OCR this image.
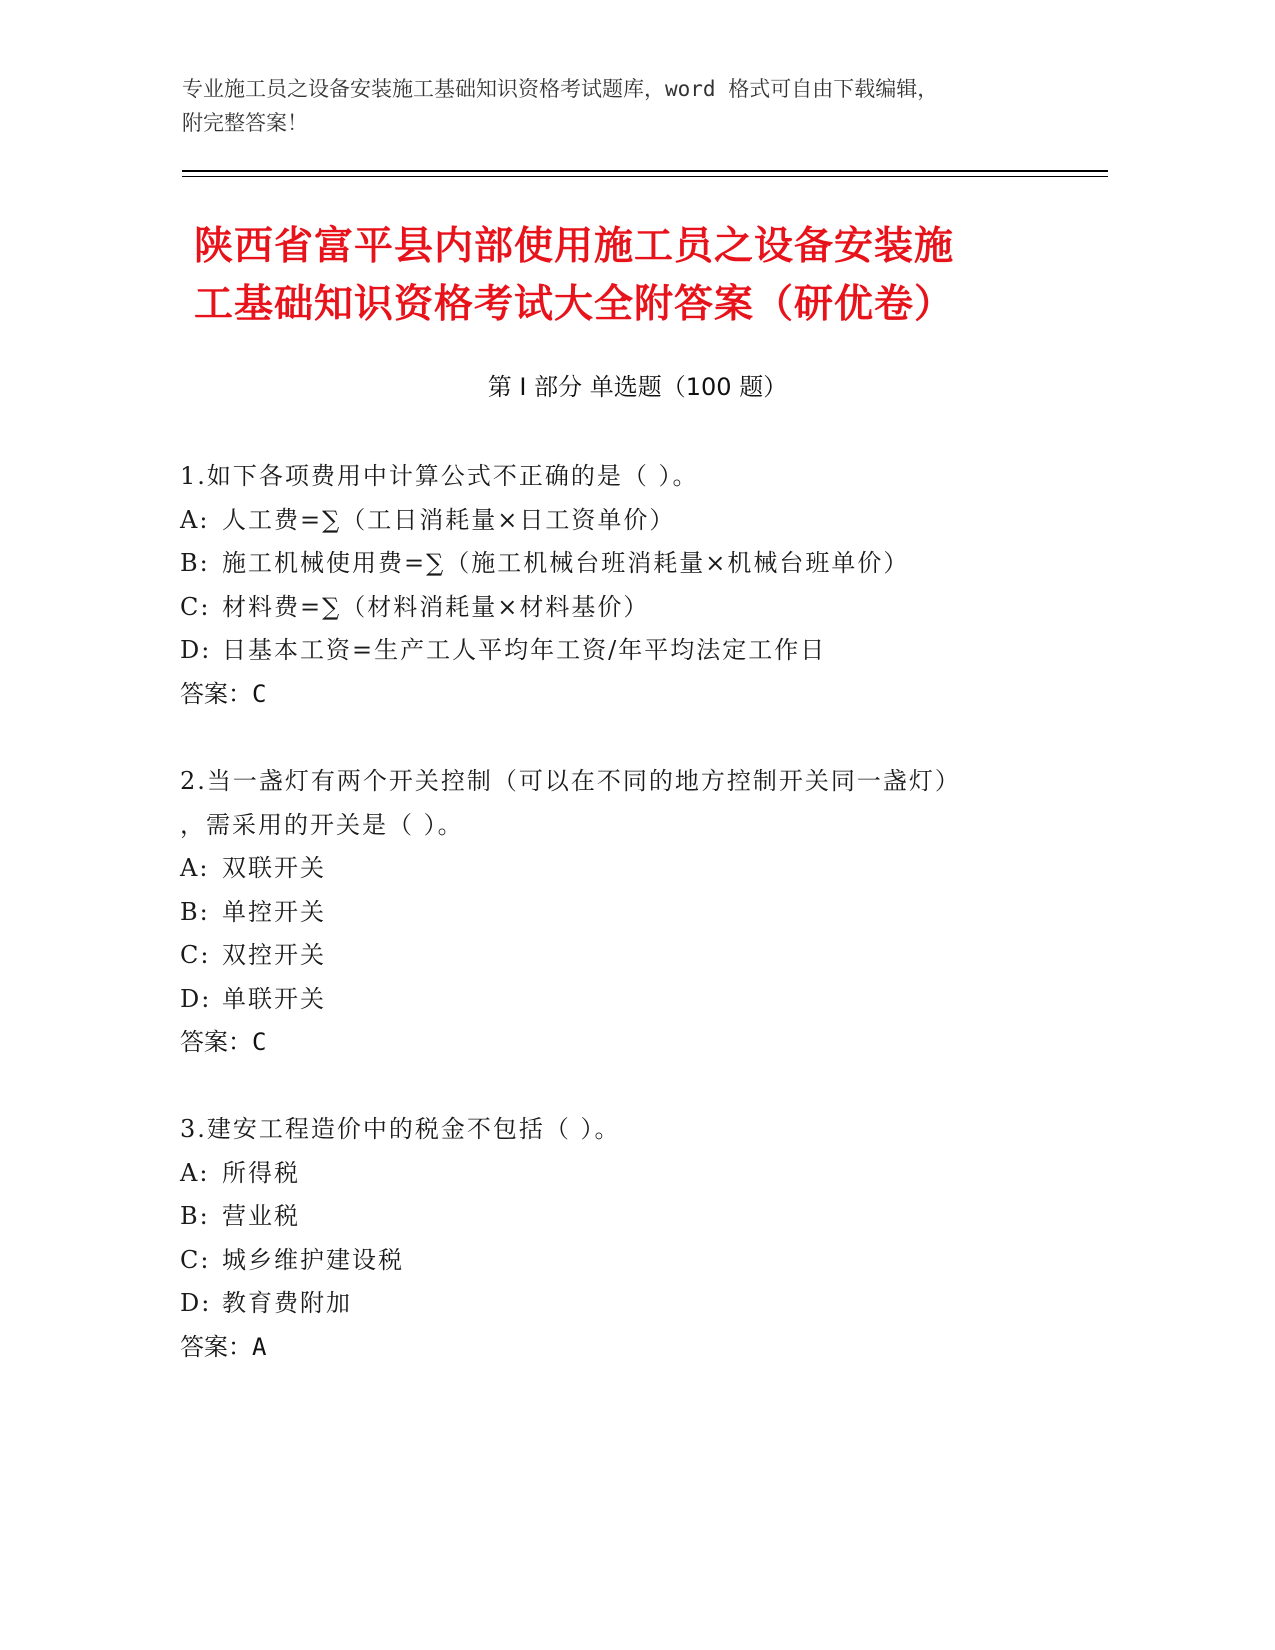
专业施工员之设备安装施工基础知识资格考试题库，word 格式可自由下载编辑，
附完整答案！
陕西省富平县内部使用施工员之设备安装施
工基础知识资格考试大全附答案（研优卷）
第 I 部分 单选题（100 题）
1.如下各项费用中计算公式不正确的是（ ）。
A: 人工费=∑（工日消耗量×日工资单价）
B: 施工机械使用费=∑（施工机械台班消耗量×机械台班单价）
C: 材料费=∑（材料消耗量×材料基价）
D: 日基本工资=生产工人平均年工资/年平均法定工作日
答案：C
2.当一盏灯有两个开关控制（可以在不同的地方控制开关同一盏灯）
，需采用的开关是（ ）。
A: 双联开关
B: 单控开关
C: 双控开关
D: 单联开关
答案：C
3.建安工程造价中的税金不包括（ ）。
A: 所得税
B: 营业税
C: 城乡维护建设税
D: 教育费附加
答案：A
